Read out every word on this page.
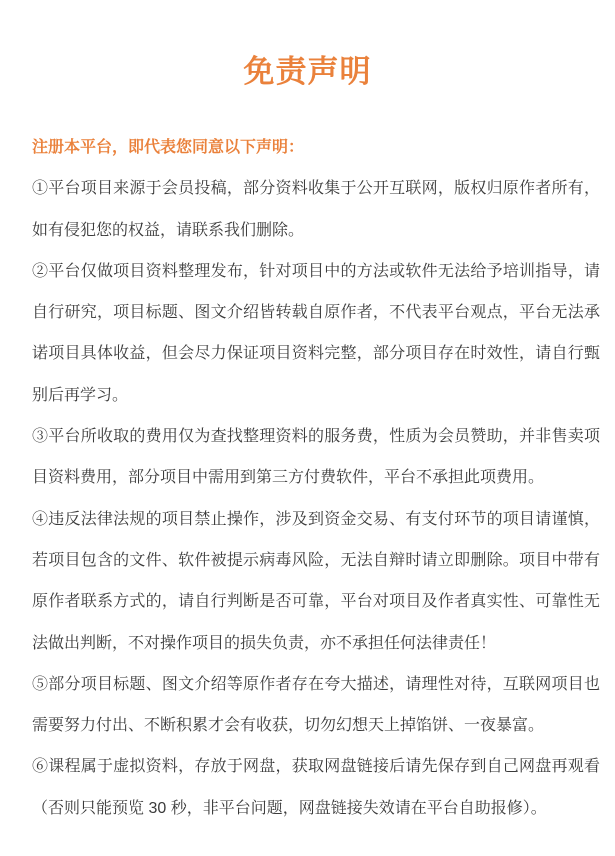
免责声明
注册本平台，即代表您同意以下声明：
①平台项目来源于会员投稿，部分资料收集于公开互联网，版权归原作者所有，
如有侵犯您的权益，请联系我们删除。
②平台仅做项目资料整理发布，针对项目中的方法或软件无法给予培训指导，请
自行研究，项目标题、图文介绍皆转载自原作者，不代表平台观点，平台无法承
诺项目具体收益，但会尽力保证项目资料完整，部分项目存在时效性，请自行甄
别后再学习。
③平台所收取的费用仅为查找整理资料的服务费，性质为会员赞助，并非售卖项
目资料费用，部分项目中需用到第三方付费软件，平台不承担此项费用。
④违反法律法规的项目禁止操作，涉及到资金交易、有支付环节的项目请谨慎，
若项目包含的文件、软件被提示病毒风险，无法自辩时请立即删除。项目中带有
原作者联系方式的，请自行判断是否可靠，平台对项目及作者真实性、可靠性无
法做出判断，不对操作项目的损失负责，亦不承担任何法律责任！
⑤部分项目标题、图文介绍等原作者存在夸大描述，请理性对待，互联网项目也
需要努力付出、不断积累才会有收获，切勿幻想天上掉馅饼、一夜暴富。
⑥课程属于虚拟资料，存放于网盘，获取网盘链接后请先保存到自己网盘再观看
（否则只能预览 30 秒，非平台问题，网盘链接失效请在平台自助报修）。
